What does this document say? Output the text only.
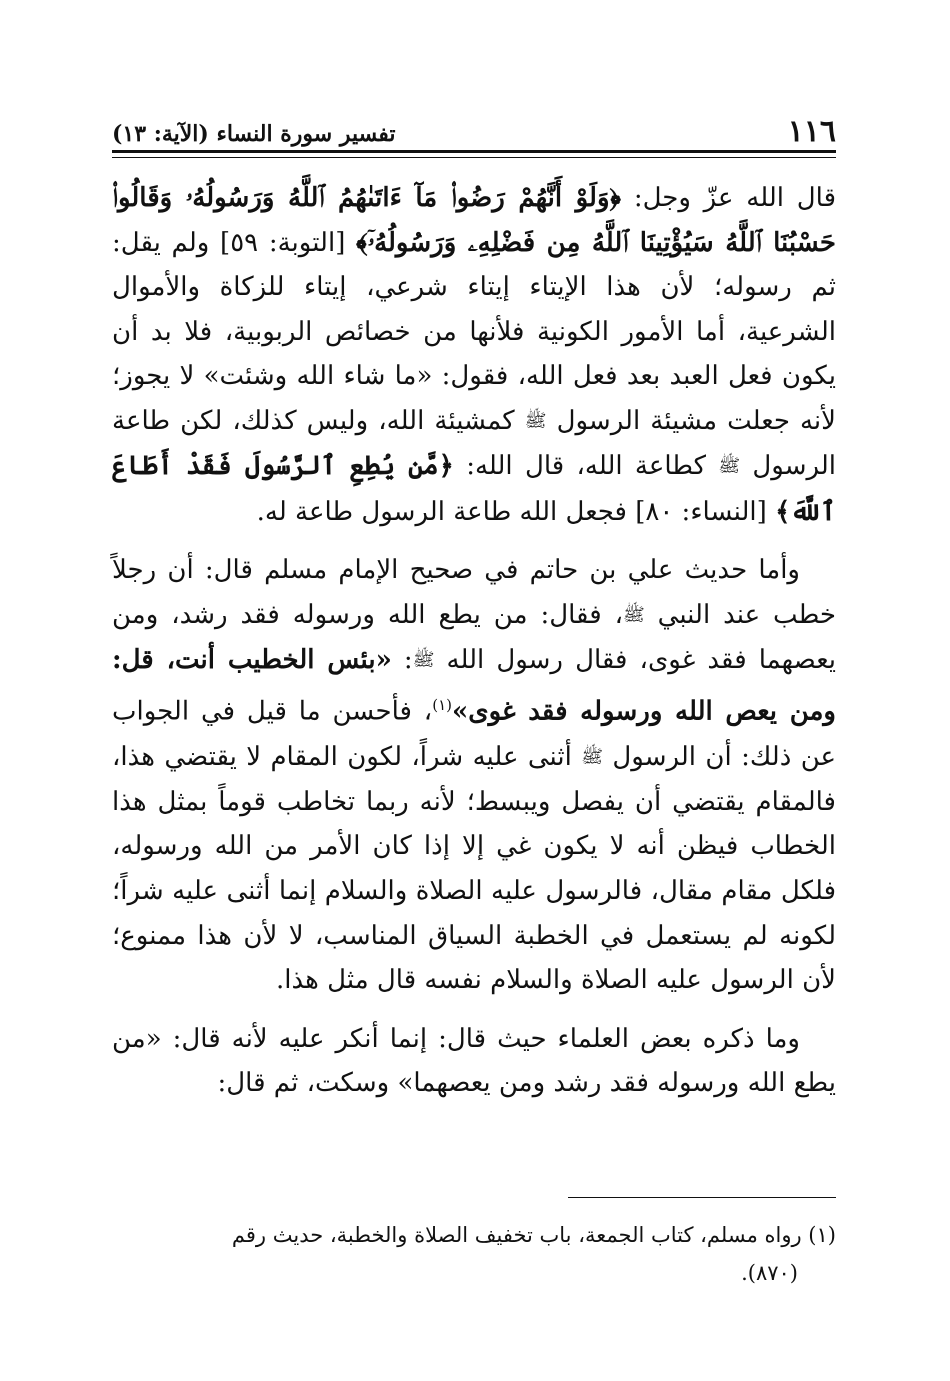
١١٦
تفسير سورة النساء (الآية: ١٣)

قال الله عزّ وجل: ﴿وَلَوْ أَنَّهُمْ رَضُوا۟ مَآ ءَاتَىٰهُمُ ٱللَّهُ وَرَسُولُهُۥ وَقَالُوا۟ حَسْبُنَا ٱللَّهُ سَيُؤْتِينَا ٱللَّهُ مِن فَضْلِهِۦ وَرَسُولُهُۥٓ﴾ [التوبة: ٥٩] ولم يقل: ثم رسوله؛ لأن هذا الإيتاء إيتاء شرعي، إيتاء للزكاة والأموال الشرعية، أما الأمور الكونية فلأنها من خصائص الربوبية، فلا بد أن يكون فعل العبد بعد فعل الله، فقول: «ما شاء الله وشئت» لا يجوز؛ لأنه جعلت مشيئة الرسول ﷺ كمشيئة الله، وليس كذلك، لكن طاعة الرسول ﷺ كطاعة الله، قال الله: ﴿مَّن يُطِعِ ٱلرَّسُولَ فَقَدْ أَطَاعَ ٱللَّهَ﴾ [النساء: ٨٠] فجعل الله طاعة الرسول طاعة له.

وأما حديث علي بن حاتم في صحيح الإمام مسلم قال: أن رجلاً خطب عند النبي ﷺ، فقال: من يطع الله ورسوله فقد رشد، ومن يعصهما فقد غوى، فقال رسول الله ﷺ: «بئس الخطيب أنت، قل: ومن يعص الله ورسوله فقد غوى»$^{(١)}$، فأحسن ما قيل في الجواب عن ذلك: أن الرسول ﷺ أثنى عليه شراً، لكون المقام لا يقتضي هذا، فالمقام يقتضي أن يفصل ويبسط؛ لأنه ربما تخاطب قوماً بمثل هذا الخطاب فيظن أنه لا يكون غي إلا إذا كان الأمر من الله ورسوله، فلكل مقام مقال، فالرسول عليه الصلاة والسلام إنما أثنى عليه شراً؛ لكونه لم يستعمل في الخطبة السياق المناسب، لا لأن هذا ممنوع؛ لأن الرسول عليه الصلاة والسلام نفسه قال مثل هذا.

وما ذكره بعض العلماء حيث قال: إنما أنكر عليه لأنه قال: «من يطع الله ورسوله فقد رشد ومن يعصهما» وسكت، ثم قال:

(١) رواه مسلم، كتاب الجمعة، باب تخفيف الصلاة والخطبة، حديث رقم

(٨٧٠).
